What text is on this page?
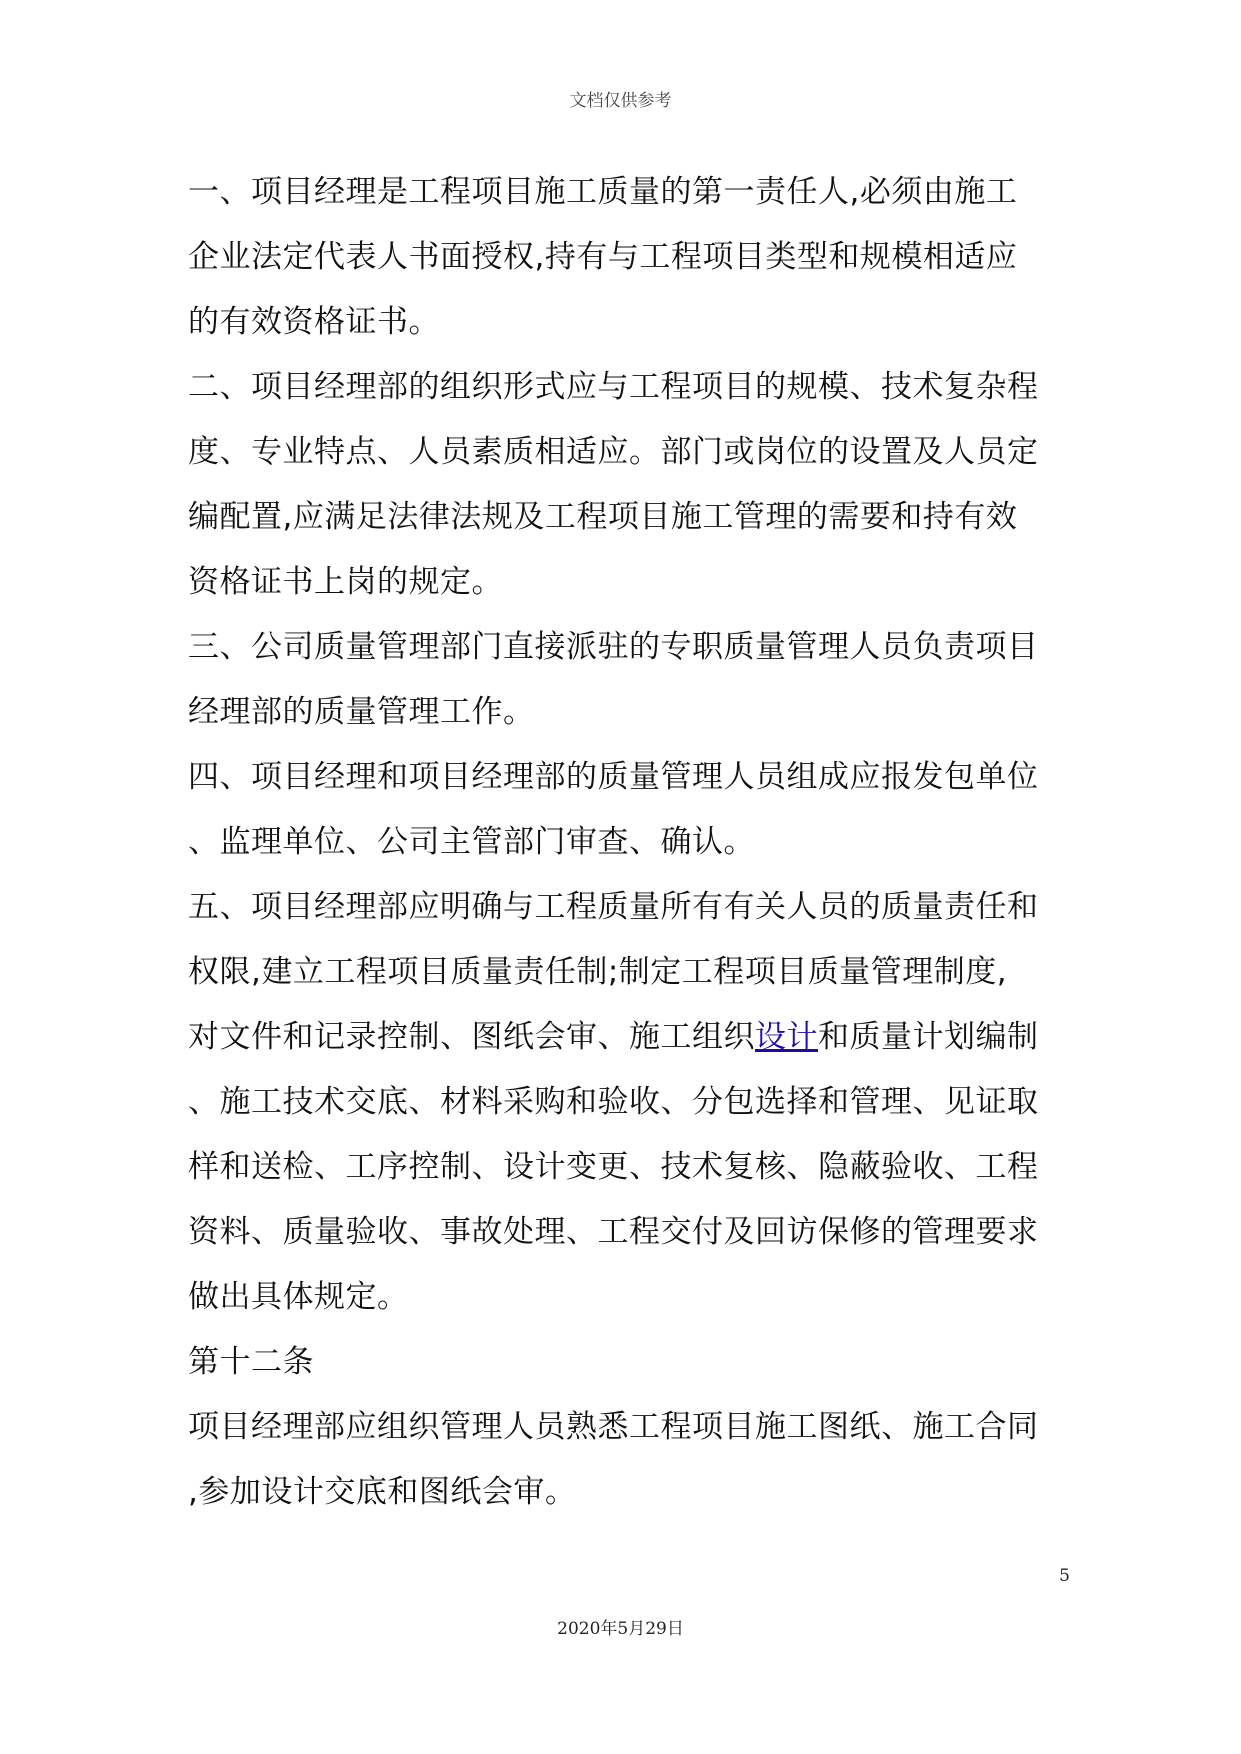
文档仅供参考
一、项目经理是工程项目施工质量的第一责任人,必须由施工
企业法定代表人书面授权,持有与工程项目类型和规模相适应
的有效资格证书。
二、项目经理部的组织形式应与工程项目的规模、技术复杂程
度、专业特点、人员素质相适应。部门或岗位的设置及人员定
编配置,应满足法律法规及工程项目施工管理的需要和持有效
资格证书上岗的规定。
三、公司质量管理部门直接派驻的专职质量管理人员负责项目
经理部的质量管理工作。
四、项目经理和项目经理部的质量管理人员组成应报发包单位
、监理单位、公司主管部门审查、确认。
五、项目经理部应明确与工程质量所有有关人员的质量责任和
权限,建立工程项目质量责任制;制定工程项目质量管理制度,
对文件和记录控制、图纸会审、施工组织设计和质量计划编制
、施工技术交底、材料采购和验收、分包选择和管理、见证取
样和送检、工序控制、设计变更、技术复核、隐蔽验收、工程
资料、质量验收、事故处理、工程交付及回访保修的管理要求
做出具体规定。
第十二条
项目经理部应组织管理人员熟悉工程项目施工图纸、施工合同
,参加设计交底和图纸会审。
5
2020年5月29日
